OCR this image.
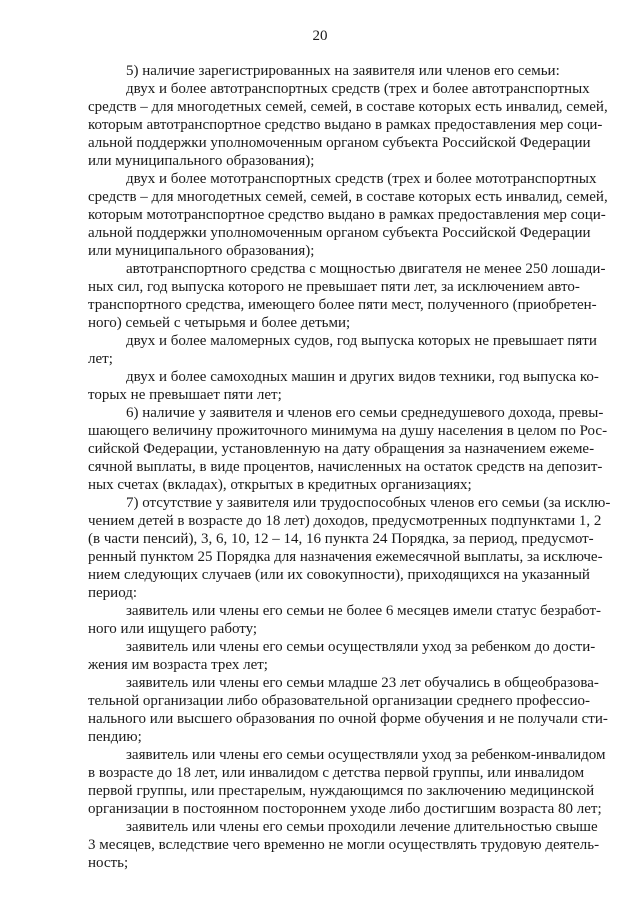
20

5) наличие зарегистрированных на заявителя или членов его семьи:

двух и более автотранспортных средств (трех и более автотранспортных
средств – для многодетных семей, семей, в составе которых есть инвалид, семей,
которым автотранспортное средство выдано в рамках предоставления мер соци-
альной поддержки уполномоченным органом субъекта Российской Федерации
или муниципального образования);

двух и более мототранспортных средств (трех и более мототранспортных
средств – для многодетных семей, семей, в составе которых есть инвалид, семей,
которым мототранспортное средство выдано в рамках предоставления мер соци-
альной поддержки уполномоченным органом субъекта Российской Федерации
или муниципального образования);

автотранспортного средства с мощностью двигателя не менее 250 лошади-
ных сил, год выпуска которого не превышает пяти лет, за исключением авто-
транспортного средства, имеющего более пяти мест, полученного (приобретен-
ного) семьей с четырьмя и более детьми;

двух и более маломерных судов, год выпуска которых не превышает пяти
лет;

двух и более самоходных машин и других видов техники, год выпуска ко-
торых не превышает пяти лет;

6) наличие у заявителя и членов его семьи среднедушевого дохода, превы-
шающего величину прожиточного минимума на душу населения в целом по Рос-
сийской Федерации, установленную на дату обращения за назначением ежеме-
сячной выплаты, в виде процентов, начисленных на остаток средств на депозит-
ных счетах (вкладах), открытых в кредитных организациях;

7) отсутствие у заявителя или трудоспособных членов его семьи (за исклю-
чением детей в возрасте до 18 лет) доходов, предусмотренных подпунктами 1, 2
(в части пенсий), 3, 6, 10, 12 – 14, 16 пункта 24 Порядка, за период, предусмот-
ренный пунктом 25 Порядка для назначения ежемесячной выплаты, за исключе-
нием следующих случаев (или их совокупности), приходящихся на указанный
период:

заявитель или члены его семьи не более 6 месяцев имели статус безработ-
ного или ищущего работу;

заявитель или члены его семьи осуществляли уход за ребенком до дости-
жения им возраста трех лет;

заявитель или члены его семьи младше 23 лет обучались в общеобразова-
тельной организации либо образовательной организации среднего профессио-
нального или высшего образования по очной форме обучения и не получали сти-
пендию;

заявитель или члены его семьи осуществляли уход за ребенком-инвалидом
в возрасте до 18 лет, или инвалидом с детства первой группы, или инвалидом
первой группы, или престарелым, нуждающимся по заключению медицинской
организации в постоянном постороннем уходе либо достигшим возраста 80 лет;

заявитель или члены его семьи проходили лечение длительностью свыше
3 месяцев, вследствие чего временно не могли осуществлять трудовую деятель-
ность;
